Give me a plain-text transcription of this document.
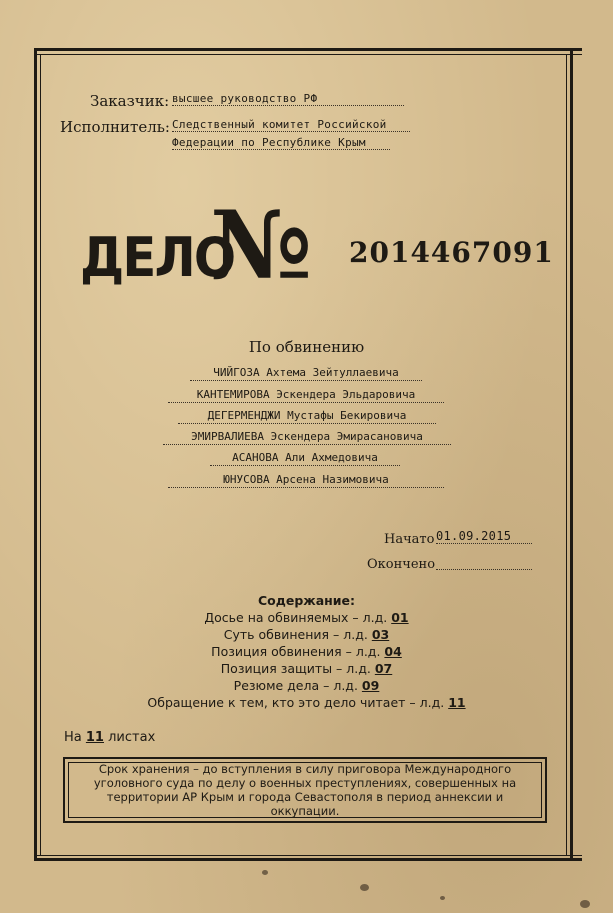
Заказчик: высшее руководство РФ
Исполнитель: Следственный комитет Российской
Федерации по Республике Крым
ДЕЛО
№ 2014467091
По обвинению
ЧИЙГОЗА Ахтема Зейтуллаевича
КАНТЕМИРОВА Эскендера Эльдаровича
ДЕГЕРМЕНДЖИ Мустафы Бекировича
ЭМИРВАЛИЕВА Эскендера Эмирасановича
АСАНОВА Али Ахмедовича
ЮНУСОВА Арсена Назимовича
Начато 01.09.2015
Окончено
Содержание:
Досье на обвиняемых – л.д. 01
Суть обвинения – л.д. 03
Позиция обвинения – л.д. 04
Позиция защиты – л.д. 07
Резюме дела – л.д. 09
Обращение к тем, кто это дело читает – л.д. 11
На 11 листах
Срок хранения – до вступления в силу приговора Международного
уголовного суда по делу о военных преступлениях, совершенных на
территории АР Крым и города Севастополя в период аннексии и оккупации.
